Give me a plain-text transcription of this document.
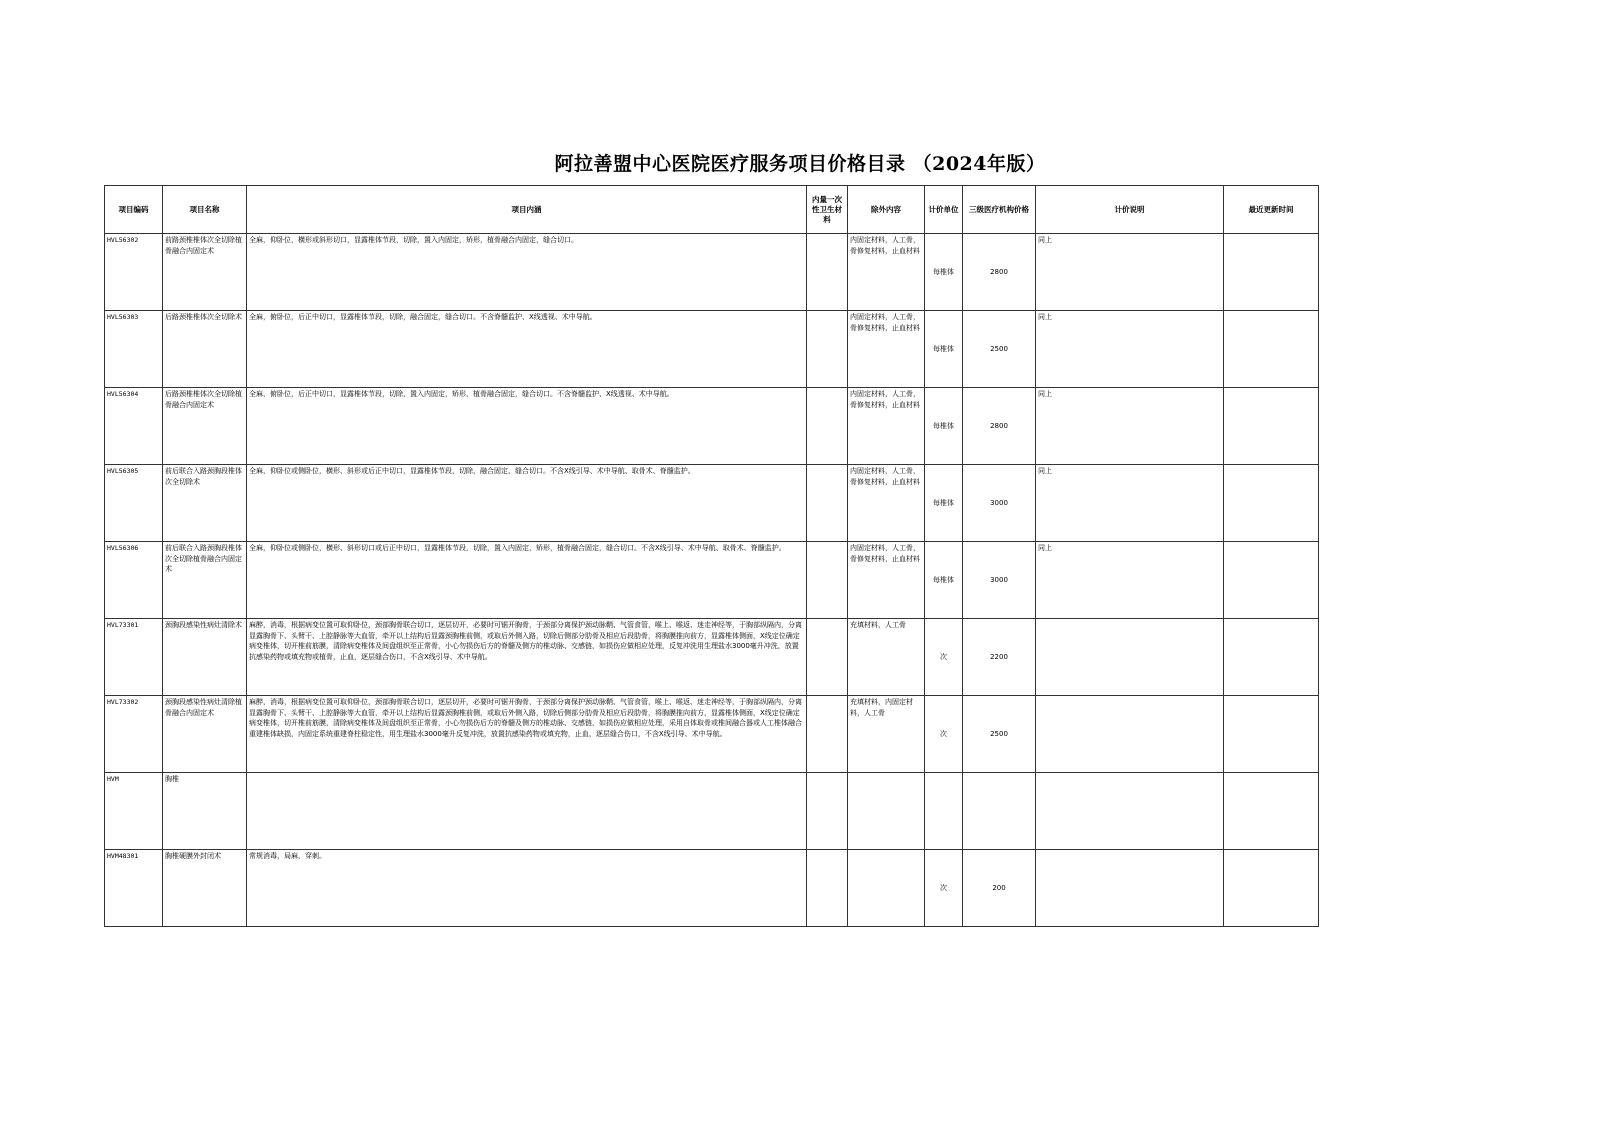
阿拉善盟中心医院医疗服务项目价格目录 （2024年版）
项目编码	项目名称	项目内涵	内量一次性卫生材料	除外内容	计价单位	三级医疗机构价格	计价说明	最近更新时间
HVL56302	前路颈椎椎体次全切除植骨融合内固定术	全麻，仰卧位，横形或斜形切口，显露椎体节段，切除，置入内固定，矫形，植骨融合内固定，缝合切口。		内固定材料，人工骨，骨修复材料，止血材料	每椎体	2800	同上	
HVL56303	后路颈椎椎体次全切除术	全麻，俯卧位，后正中切口，显露椎体节段，切除，融合固定，缝合切口。不含脊髓监护、X线透视、术中导航。		内固定材料，人工骨，骨修复材料，止血材料	每椎体	2500	同上	
HVL56304	后路颈椎椎体次全切除植骨融合内固定术	全麻，俯卧位，后正中切口，显露椎体节段，切除，置入内固定，矫形，植骨融合固定，缝合切口。不含脊髓监护、X线透视、术中导航。		内固定材料，人工骨，骨修复材料，止血材料	每椎体	2800	同上	
HVL56305	前后联合入路颈胸段椎体次全切除术	全麻，仰卧位或侧卧位，横形、斜形或后正中切口，显露椎体节段，切除，融合固定，缝合切口。不含X线引导、术中导航、取骨术、脊髓监护。		内固定材料，人工骨，骨修复材料，止血材料	每椎体	3000	同上	
HVL56306	前后联合入路颈胸段椎体次全切除植骨融合内固定术	全麻，仰卧位或侧卧位，横形、斜形切口或后正中切口，显露椎体节段，切除，置入内固定，矫形，植骨融合固定，缝合切口。不含X线引导、术中导航、取骨术、脊髓监护。		内固定材料，人工骨，骨修复材料，止血材料	每椎体	3000	同上	
HVL73301	颈胸段感染性病灶清除术	麻醉，消毒，根据病变位置可取仰卧位，颈部胸骨联合切口，逐层切开，必要时可锯开胸骨，于颈部分离保护颈动脉鞘、气管食管，喉上、喉返、迷走神经等，于胸部纵隔内，分离显露胸骨下、头臂干、上腔静脉等大血管，牵开以上结构后显露颈胸椎前侧，或取后外侧入路，切除后侧部分肋骨及相应后段肋骨，将胸膜推向前方，显露椎体侧面，X线定位确定病变椎体，切开椎前筋膜，清除病变椎体及间盘组织至正常骨，小心勿损伤后方的脊髓及侧方的椎动脉、交感链，如损伤应做相应处理，反复冲洗用生理盐水3000毫升冲洗，放置抗感染药物或填充物或植骨，止血，逐层缝合伤口，不含X线引导、术中导航。		充填材料，人工骨	次	2200		
HVL73302	颈胸段感染性病灶清除植骨融合内固定术	麻醉，消毒，根据病变位置可取仰卧位，颈部胸骨联合切口，逐层切开，必要时可锯开胸骨，于颈部分离保护颈动脉鞘、气管食管，喉上、喉返、迷走神经等，于胸部纵隔内，分离显露胸骨下、头臂干、上腔静脉等大血管，牵开以上结构后显露颈胸椎前侧，或取后外侧入路，切除后侧部分肋骨及相应后段肋骨，将胸膜推向前方，显露椎体侧面，X线定位确定病变椎体，切开椎前筋膜，清除病变椎体及间盘组织至正常骨，小心勿损伤后方的脊髓及侧方的椎动脉、交感链，如损伤应做相应处理，采用自体取骨或椎间融合器或人工椎体融合重建椎体缺损，内固定系统重建脊柱稳定性，用生理盐水3000毫升反复冲洗，放置抗感染药物或填充物，止血，逐层缝合伤口，不含X线引导、术中导航。		充填材料，内固定材料，人工骨	次	2500		
HVM	胸椎							
HVM48301	胸椎硬膜外封闭术	常规消毒，局麻，穿刺。			次	200		
